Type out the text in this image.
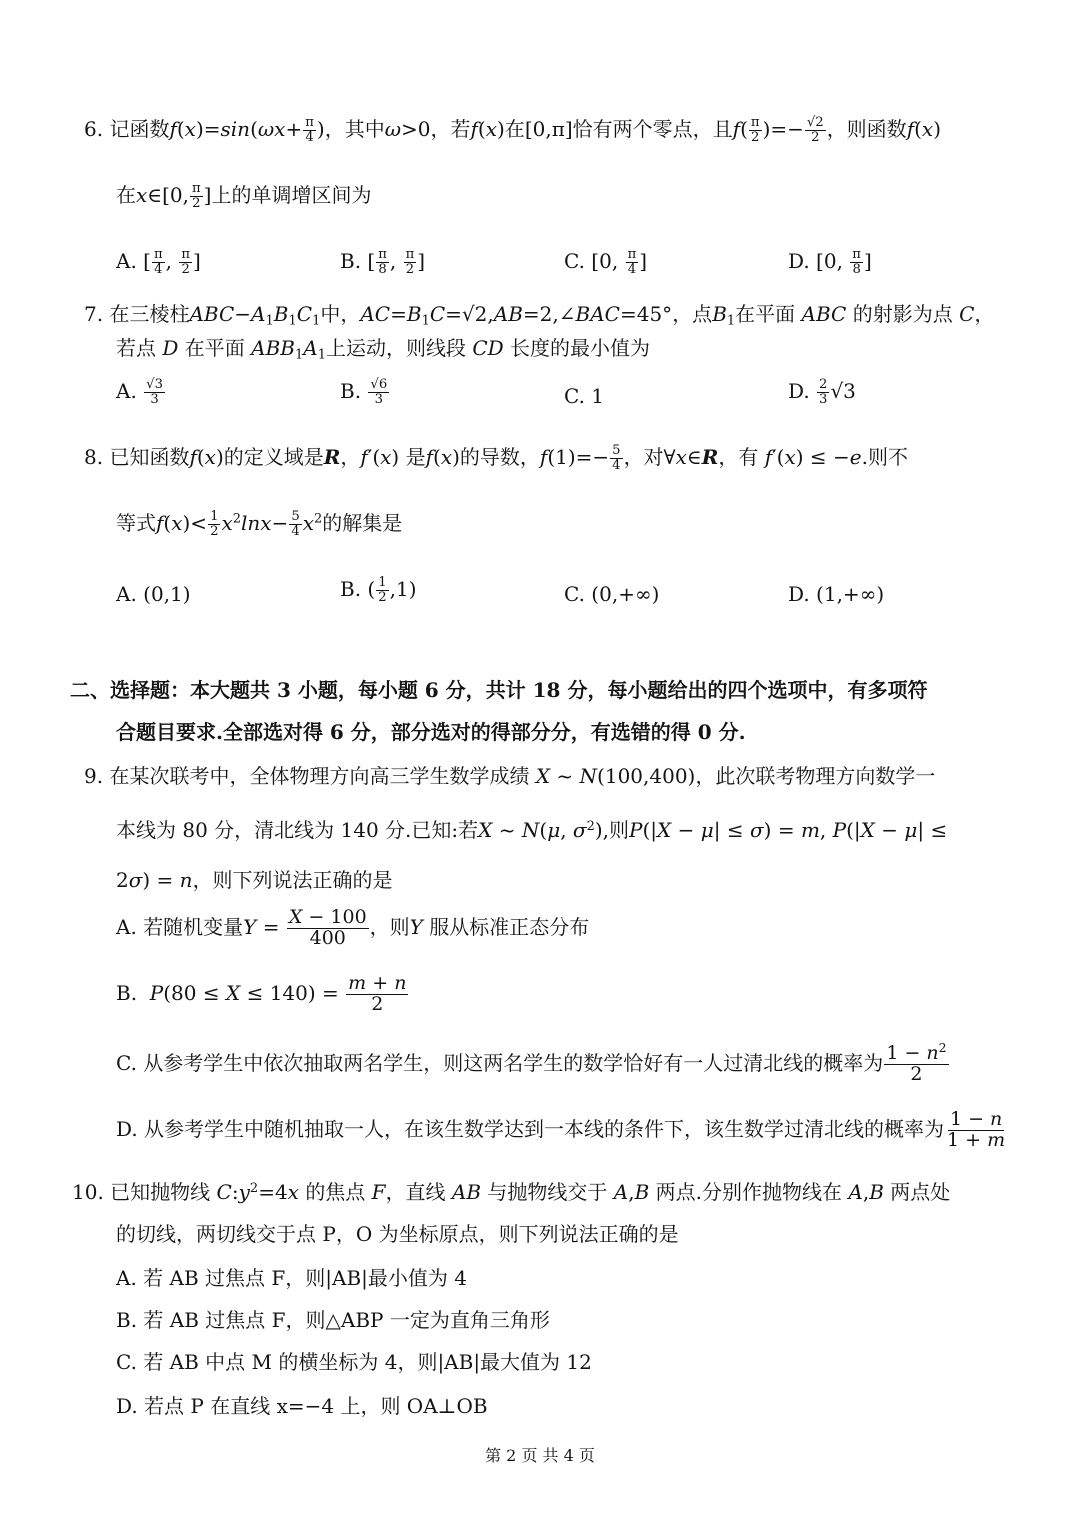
6. 记函数$f(x)=\sin(\omega x+ \frac{\pi}{4}$ )，其中ω>0，若f(x)在[0,π]恰有两个零点，且$f( \frac{\pi}{2}$ )=− $\frac{√2}{2}$ ，则函数f(x)
在x∈[0, $\frac{\pi}{2}$ ]上的单调增区间为
A. [ $\frac{\pi}{4}$ , $\frac{\pi}{2}$ ]	B. [ $\frac{\pi}{8}$ , $\frac{\pi}{2}$ ]	C. [0, $\frac{\pi}{4}$ ]	D. [0, $\frac{\pi}{8}$ ]
7. 在三棱柱$ABC-A_1B_1C_1$中，$AC=B_1C=√2,AB=2,\angle BAC=45^\circ$，点$B_1$在平面 ABC 的射影为点 C，
若点 D 在平面 $ABB_1A_1$上运动，则线段 CD 长度的最小值为
A. $\frac{√3}{3}$	B. $\frac{√6}{3}$	C. 1	D. $\frac{2}{3} √3$
8. 已知函数f(x)的定义域是R，f′(x) 是f(x)的导数，$f(1)=- \frac{5}{4}$ ，对∀x∈R，有 f′(x) ≤ −e.则不
等式$f(x)< \frac{1}{2} x^2\ln x- \frac{5}{4} x^2$的解集是
A. (0,1)	B. ( $\frac{1}{2} ,1$)	C. (0,+∞)	D. (1,+∞)
二、选择题：本大题共 3 小题，每小题 6 分，共计 18 分，每小题给出的四个选项中，有多项符
合题目要求.全部选对得 6 分，部分选对的得部分分，有选错的得 0 分.
9. 在某次联考中，全体物理方向高三学生数学成绩 X ~ N(100,400)，此次联考物理方向数学一
本线为 80 分，清北线为 140 分.已知:若X ~ N(μ, $\sigma^2$),则P(|X − μ| ≤ σ) = m, P(|X − μ| ≤
2σ) = n，则下列说法正确的是
A. 若随机变量$Y = \frac{X - 100}{400}$ ，则Y 服从标准正态分布
B. $P(80 \le X \le 140) = \frac{m + n}{2}$
C. 从参考学生中依次抽取两名学生，则这两名学生的数学恰好有一人过清北线的概率为 $\frac{1 - n^2}{2}$
D. 从参考学生中随机抽取一人，在该生数学达到一本线的条件下，该生数学过清北线的概率为 $\frac{1 - n}{1 + m}$
10. 已知抛物线 $C:y^2=4x$ 的焦点 F，直线 AB 与抛物线交于 A,B 两点.分别作抛物线在 A,B 两点处
的切线，两切线交于点 P，O 为坐标原点，则下列说法正确的是
A. 若 AB 过焦点 F，则|AB|最小值为 4
B. 若 AB 过焦点 F，则△ABP 一定为直角三角形
C. 若 AB 中点 M 的横坐标为 4，则|AB|最大值为 12
D. 若点 P 在直线 x=−4 上，则 OA⊥OB
第 2 页 共 4 页
